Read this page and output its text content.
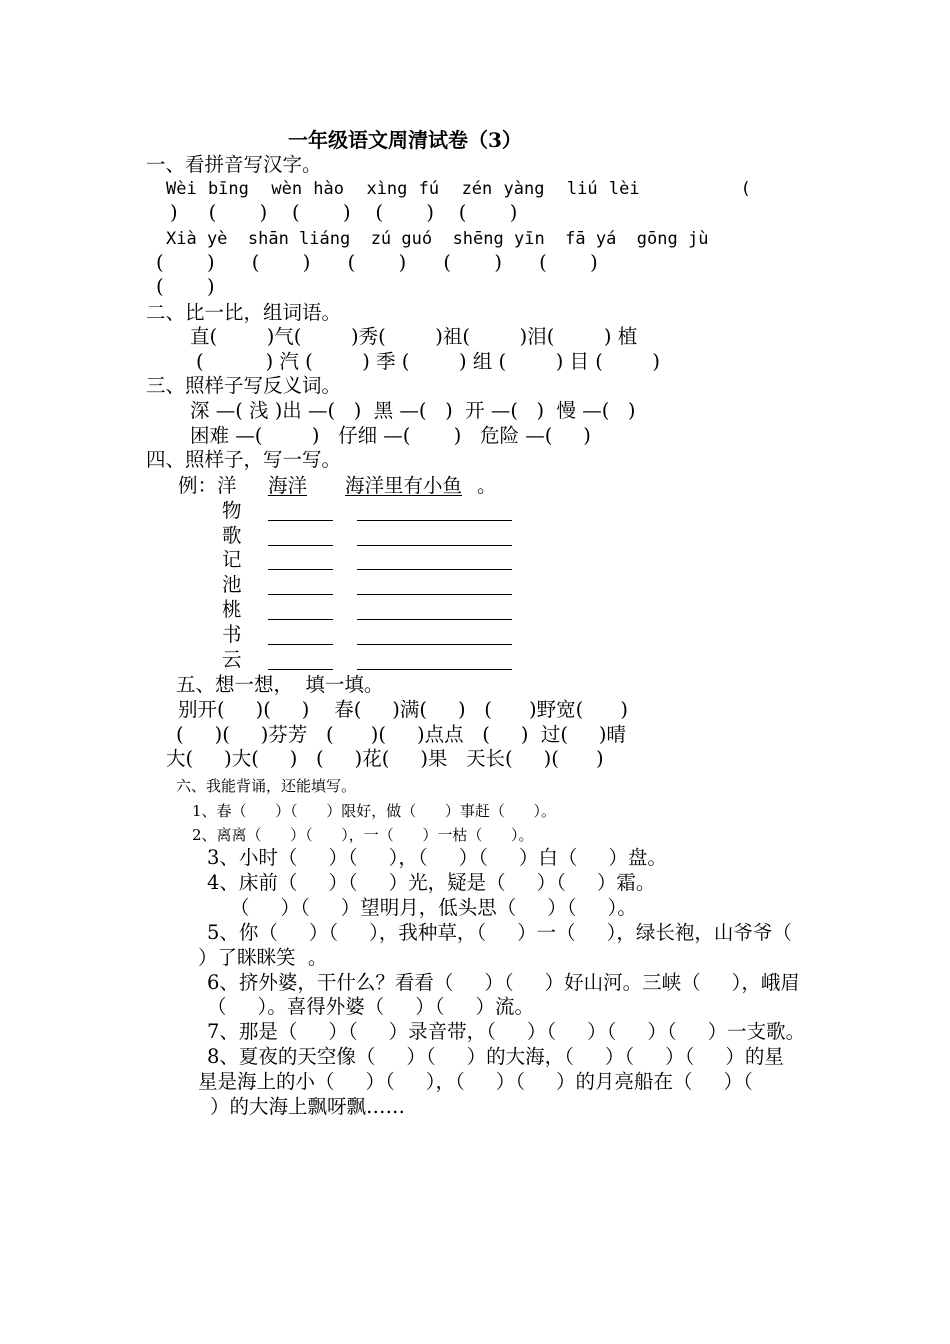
一年级语文周清试卷（3）
一、看拼音写汉字。
Wèi bīng  wèn hào  xìng fú  zén yàng  liú lèi         (
)     (       )    (       )    (       )    (       )
Xià yè  shān liáng  zú guó  shēng yīn  fā yá  gōng jù
(       )      (       )      (       )      (       )      (       )
(       )
二、比一比，组词语。
直(        )气(        )秀(        )祖(        )泪(        ) 植
(          ) 汽 (        ) 季 (        ) 组 (        ) 目 (        )
三、照样子写反义词。
深 —( 浅 )出 —(   )  黑 —(   )  开 —(   )  慢 —(   )
困难 —(        )   仔细 —(       )   危险 —(     )
四、照样子，写一写。
例：洋 海洋 海洋里有小鱼 。
物
歌
记
池
桃
书
云
五、想一想，  填一填。
别开(     )(     )    春(     )满(     )   (      )野宽(      )
(     )(     )芬芳   (      )(     )点点   (     )  过(     )晴
大(     )大(     )   (     )花(     )果   天长(     )(      )
六、我能背诵，还能填写。
1、春（      ）（      ）限好，做（      ）事赶（      ）。
2、离离（      ）（      ），一（      ）一枯（      ）。
3、小时（     ）（     ），（     ）（     ）白（     ）盘。
4、床前（     ）（     ）光，疑是（     ）（     ）霜。
（     ）（     ）望明月，低头思（     ）（     ）。
5、你（     ）（     ），我种草，（     ）一（     ），绿长袍，山爷爷（
）了眯眯笑  。
6、挤外婆，干什么？看看（     ）（     ）好山河。三峡（     ），峨眉
（     ）。喜得外婆（     ）（     ）流。
7、那是（     ）（     ）录音带，（     ）（     ）（     ）（     ）一支歌。
8、夏夜的天空像（     ）（     ）的大海，（     ）（     ）（     ）的星
星是海上的小（     ）（     ），（     ）（     ）的月亮船在（     ）（
）的大海上飘呀飘……
